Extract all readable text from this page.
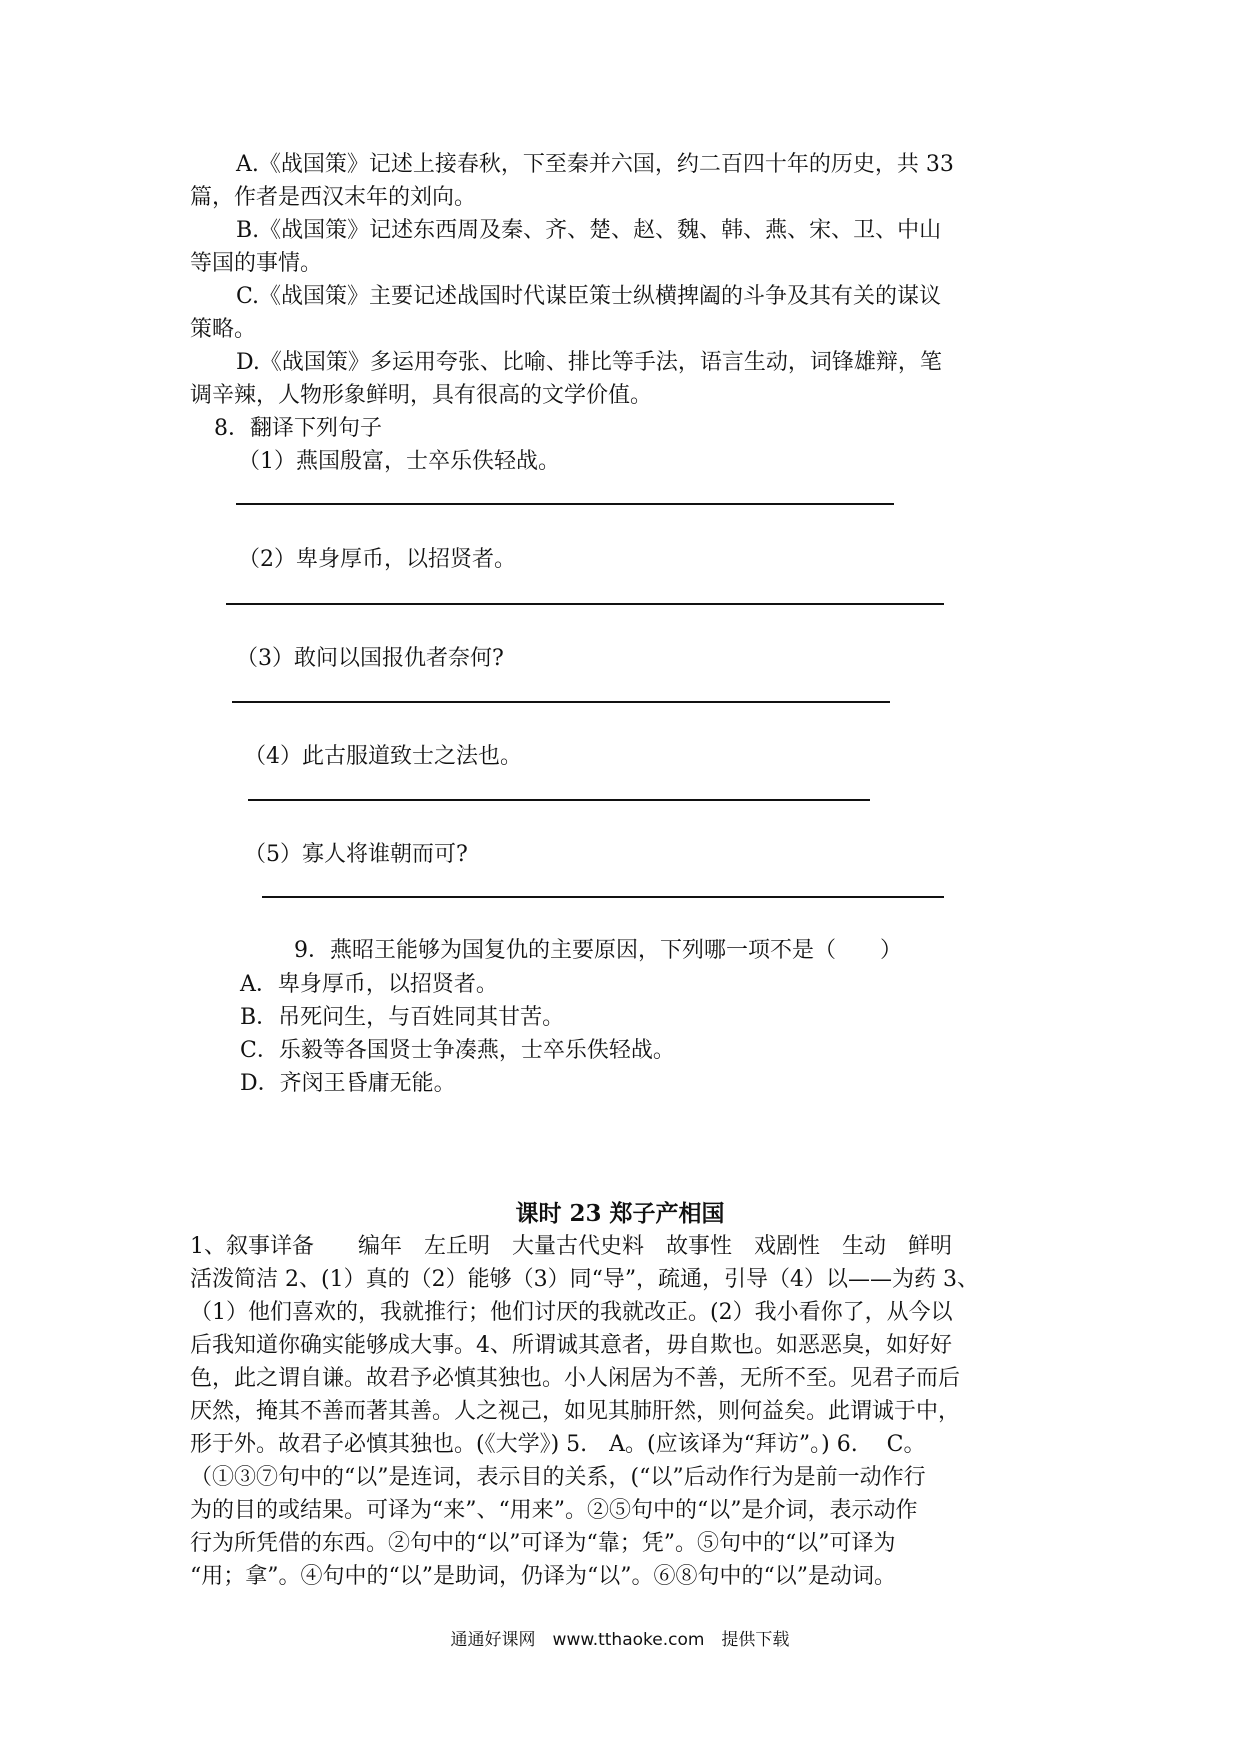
A.《战国策》记述上接春秋，下至秦并六国，约二百四十年的历史，共 33
篇，作者是西汉末年的刘向。
B.《战国策》记述东西周及秦、齐、楚、赵、魏、韩、燕、宋、卫、中山
等国的事情。
C.《战国策》主要记述战国时代谋臣策士纵横捭阖的斗争及其有关的谋议
策略。
D.《战国策》多运用夸张、比喻、排比等手法，语言生动，词锋雄辩，笔
调辛辣，人物形象鲜明，具有很高的文学价值。
8．翻译下列句子
（1）燕国殷富，士卒乐佚轻战。
（2）卑身厚币，以招贤者。
（3）敢问以国报仇者奈何?
（4）此古服道致士之法也。
（5）寡人将谁朝而可?
9．燕昭王能够为国复仇的主要原因，下列哪一项不是（　　）
A．卑身厚币，以招贤者。
B．吊死问生，与百姓同其甘苦。
C．乐毅等各国贤士争凑燕，士卒乐佚轻战。
D．齐闵王昏庸无能。
课时 23 郑子产相国
1、叙事详备　　编年　左丘明　大量古代史料　故事性　戏剧性　生动　鲜明
活泼简洁 2、(1）真的（2）能够（3）同“导”，疏通，引导（4）以——为药 3、
（1）他们喜欢的，我就推行；他们讨厌的我就改正。(2）我小看你了，从今以
后我知道你确实能够成大事。4、所谓诚其意者，毋自欺也。如恶恶臭，如好好
色，此之谓自谦。故君予必慎其独也。小人闲居为不善，无所不至。见君子而后
厌然，掩其不善而著其善。人之视己，如见其肺肝然，则何益矣。此谓诚于中，
形于外。故君子必慎其独也。(《大学》) 5.　A。(应该译为“拜访”。) 6.　 C。
（①③⑦句中的“以”是连词，表示目的关系，(“以”后动作行为是前一动作行
为的目的或结果。可译为“来”、“用来”。②⑤句中的“以”是介词，表示动作
行为所凭借的东西。②句中的“以”可译为“靠；凭”。⑤句中的“以”可译为
“用；拿”。④句中的“以”是助词，仍译为“以”。⑥⑧句中的“以”是动词。
通通好课网　www.tthaoke.com　提供下载
